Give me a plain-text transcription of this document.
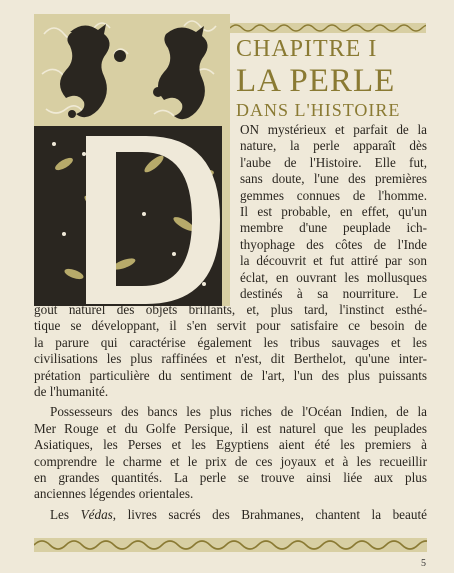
CHAPITRE I
LA PERLE
DANS L'HISTOIRE
ON mystérieux et parfait de la
nature, la perle apparaît dès
l'aube de l'Histoire. Elle fut,
sans doute, l'une des premières
gemmes connues de l'homme.
Il est probable, en effet, qu'un
membre d'une peuplade ich-
thyophage des côtes de l'Inde
la découvrit et fut attiré par son
éclat, en ouvrant les mollusques
destinés à sa nourriture. Le
goût naturel des objets brillants, et, plus tard, l'instinct esthé-
tique se développant, il s'en servit pour satisfaire ce besoin de
la parure qui caractérise également les tribus sauvages et les
civilisations les plus raffinées et n'est, dit Berthelot, qu'une inter-
prétation particulière du sentiment de l'art, l'un des plus puissants
de l'humanité.
Possesseurs des bancs les plus riches de l'Océan Indien, de la
Mer Rouge et du Golfe Persique, il est naturel que les peuplades
Asiatiques, les Perses et les Egyptiens aient été les premiers à
comprendre le charme et le prix de ces joyaux et à les recueillir
en grandes quantités. La perle se trouve ainsi liée aux plus
anciennes légendes orientales.
Les Védas, livres sacrés des Brahmanes, chantent la beauté
5
